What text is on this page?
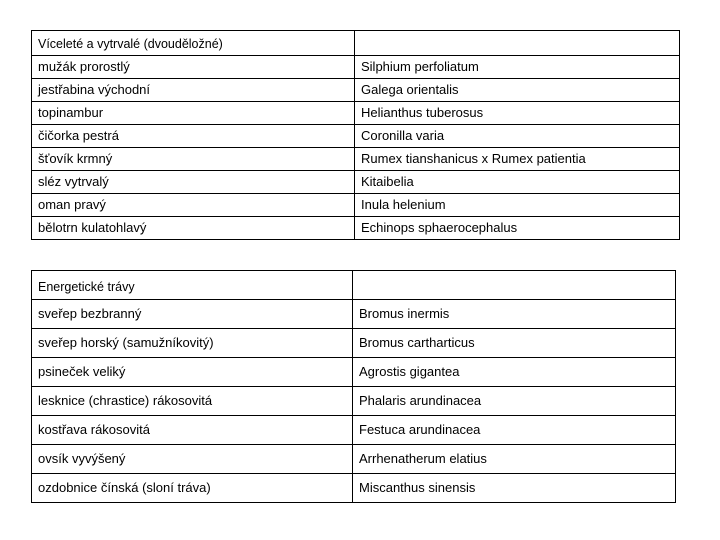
Víceleté a vytrvalé (dvouděložné)	
mužák prorostlý	Silphium perfoliatum
jestřabina východní	Galega orientalis
topinambur	Helianthus tuberosus
čičorka pestrá	Coronilla varia
šťovík krmný	Rumex tianshanicus x Rumex patientia
sléz vytrvalý	Kitaibelia
oman pravý	Inula helenium
bělotrn kulatohlavý	Echinops sphaerocephalus
Energetické trávy	
sveřep bezbranný	Bromus inermis
sveřep horský (samužníkovitý)	Bromus cartharticus
psineček veliký	Agrostis gigantea
lesknice (chrastice) rákosovitá	Phalaris arundinacea
kostřava rákosovitá	Festuca arundinacea
ovsík vyvýšený	Arrhenatherum elatius
ozdobnice čínská (sloní tráva)	Miscanthus sinensis
